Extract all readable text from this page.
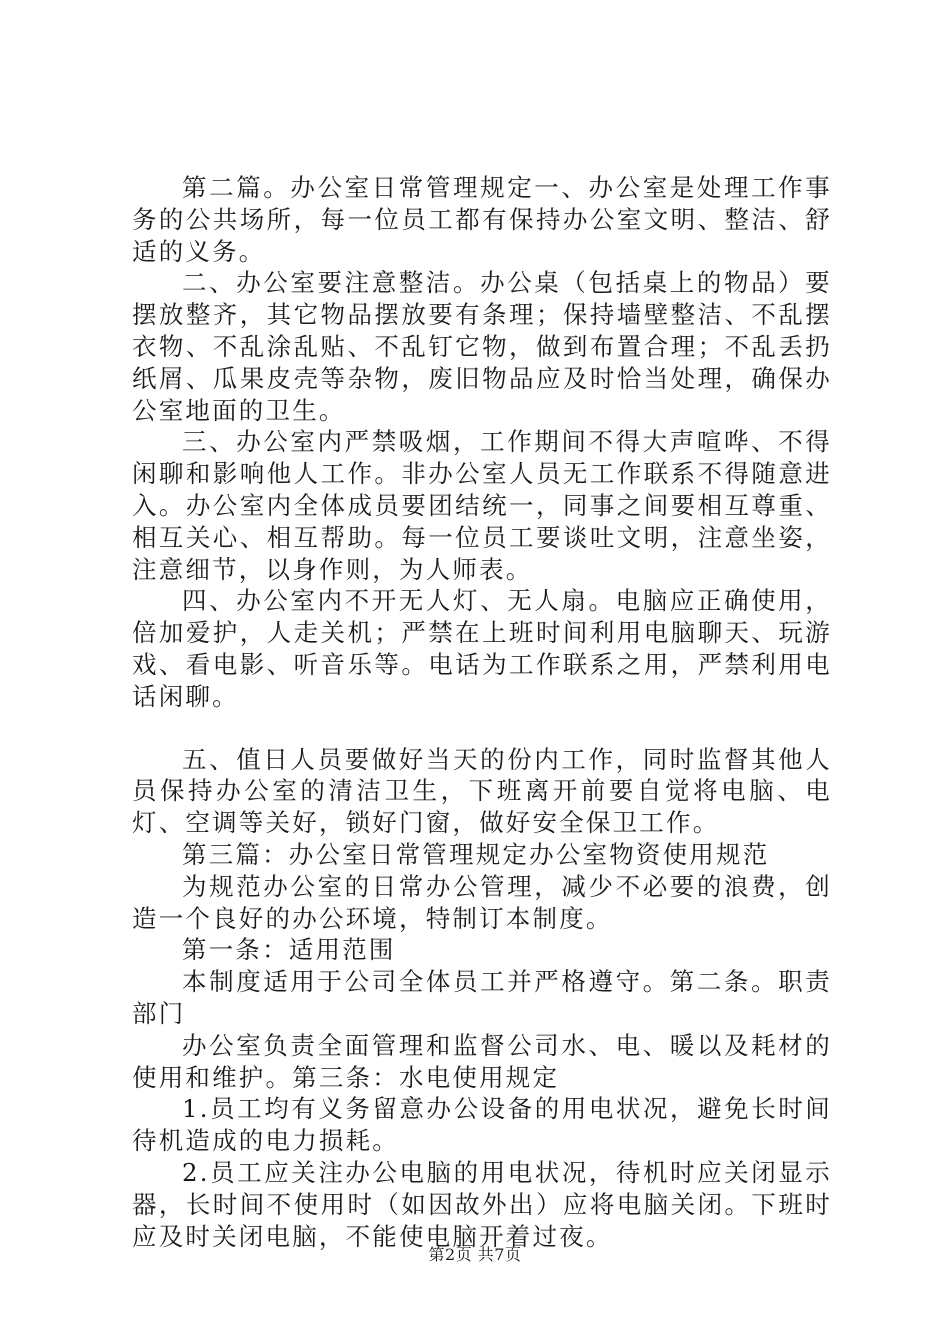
第二篇。办公室日常管理规定一、办公室是处理工作事务的公共场所，每一位员工都有保持办公室文明、整洁、舒适的义务。

二、办公室要注意整洁。办公桌（包括桌上的物品）要摆放整齐，其它物品摆放要有条理；保持墙壁整洁、不乱摆衣物、不乱涂乱贴、不乱钉它物，做到布置合理；不乱丢扔纸屑、瓜果皮壳等杂物，废旧物品应及时恰当处理，确保办公室地面的卫生。

三、办公室内严禁吸烟，工作期间不得大声喧哗、不得闲聊和影响他人工作。非办公室人员无工作联系不得随意进入。办公室内全体成员要团结统一，同事之间要相互尊重、相互关心、相互帮助。每一位员工要谈吐文明，注意坐姿，注意细节，以身作则，为人师表。

四、办公室内不开无人灯、无人扇。电脑应正确使用，倍加爱护，人走关机；严禁在上班时间利用电脑聊天、玩游戏、看电影、听音乐等。电话为工作联系之用，严禁利用电话闲聊。

五、值日人员要做好当天的份内工作，同时监督其他人员保持办公室的清洁卫生，下班离开前要自觉将电脑、电灯、空调等关好，锁好门窗，做好安全保卫工作。

第三篇：办公室日常管理规定办公室物资使用规范

为规范办公室的日常办公管理，减少不必要的浪费，创造一个良好的办公环境，特制订本制度。

第一条：适用范围

本制度适用于公司全体员工并严格遵守。第二条。职责部门

办公室负责全面管理和监督公司水、电、暖以及耗材的使用和维护。第三条：水电使用规定

1.员工均有义务留意办公设备的用电状况，避免长时间待机造成的电力损耗。

2.员工应关注办公电脑的用电状况，待机时应关闭显示器，长时间不使用时（如因故外出）应将电脑关闭。下班时应及时关闭电脑，不能使电脑开着过夜。

第2页 共7页
